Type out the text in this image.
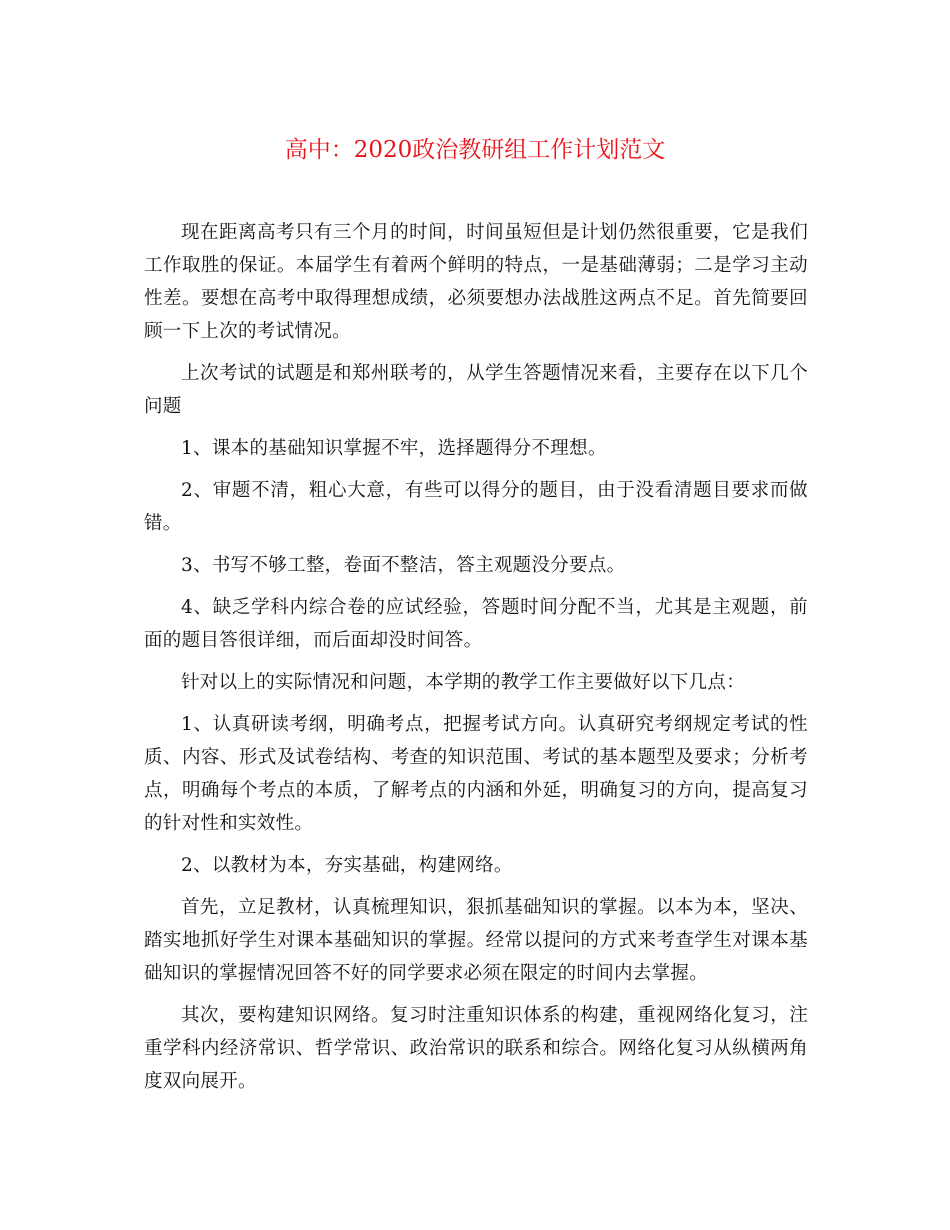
高中：2020政治教研组工作计划范文

现在距离高考只有三个月的时间，时间虽短但是计划仍然很重要，它是我们工作取胜的保证。本届学生有着两个鲜明的特点，一是基础薄弱；二是学习主动性差。要想在高考中取得理想成绩，必须要想办法战胜这两点不足。首先简要回顾一下上次的考试情况。

上次考试的试题是和郑州联考的，从学生答题情况来看，主要存在以下几个问题

1、课本的基础知识掌握不牢，选择题得分不理想。

2、审题不清，粗心大意，有些可以得分的题目，由于没看清题目要求而做错。

3、书写不够工整，卷面不整洁，答主观题没分要点。

4、缺乏学科内综合卷的应试经验，答题时间分配不当，尤其是主观题，前面的题目答很详细，而后面却没时间答。

针对以上的实际情况和问题，本学期的教学工作主要做好以下几点：

1、认真研读考纲，明确考点，把握考试方向。认真研究考纲规定考试的性质、内容、形式及试卷结构、考查的知识范围、考试的基本题型及要求；分析考点，明确每个考点的本质，了解考点的内涵和外延，明确复习的方向，提高复习的针对性和实效性。

2、以教材为本，夯实基础，构建网络。

首先，立足教材，认真梳理知识，狠抓基础知识的掌握。以本为本，坚决、踏实地抓好学生对课本基础知识的掌握。经常以提问的方式来考查学生对课本基础知识的掌握情况回答不好的同学要求必须在限定的时间内去掌握。

其次，要构建知识网络。复习时注重知识体系的构建，重视网络化复习，注重学科内经济常识、哲学常识、政治常识的联系和综合。网络化复习从纵横两角度双向展开。
